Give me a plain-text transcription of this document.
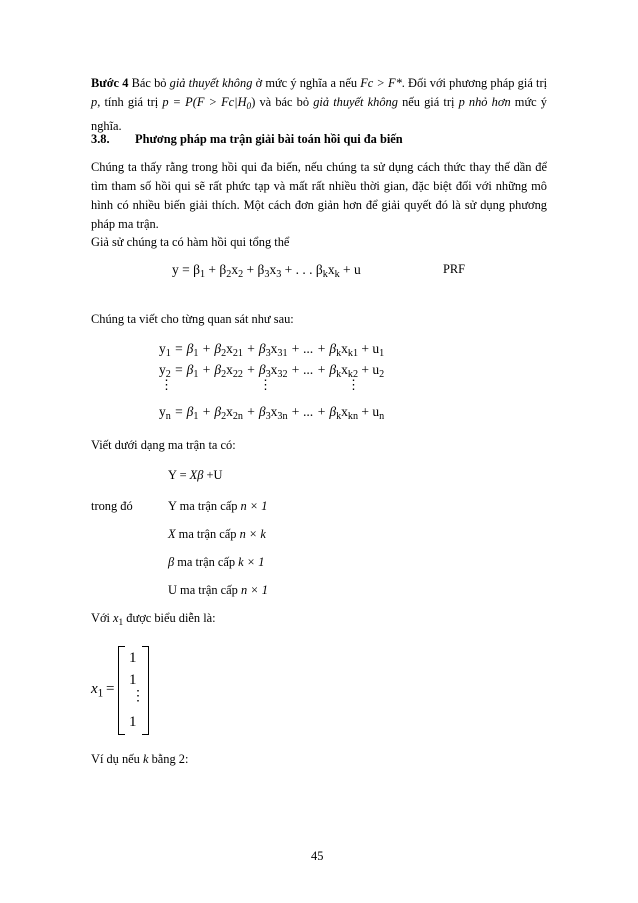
Bước 4 Bác bỏ giả thuyết không ở mức ý nghĩa a nếu Fc > F*. Đối với phương pháp giá trị p, tính giá trị $p = P(F > Fc|H_0)$ và bác bỏ giả thuyết không nếu giá trị p nhỏ hơn mức ý nghĩa.
3.8. Phương pháp ma trận giải bài toán hồi qui đa biến
Chúng ta thấy rằng trong hồi qui đa biến, nếu chúng ta sử dụng cách thức thay thế dần để tìm tham số hồi qui sẽ rất phức tạp và mất rất nhiều thời gian, đặc biệt đối với những mô hình có nhiều biến giải thích. Một cách đơn giản hơn để giải quyết đó là sử dụng phương pháp ma trận.
Giả sử chúng ta có hàm hồi qui tổng thể
$y = \beta_1 + \beta_2x_2 + \beta_3x_3$ + . . . $\beta_kx_k + u$	PRF
Chúng ta viết cho từng quan sát như sau:
$y_1 = \beta_1 + \beta_2x_{21} + \beta_3x_{31}$ + ... + $\beta_kx_{k1} + u_1$
$y_2 = \beta_1 + \beta_2x_{22} + \beta_3x_{32}$ + ... + $\beta_kx_{k2} + u_2$
⋮	⋮	⋮
$y_n = \beta_1 + \beta_2x_{2n} + \beta_3x_{3n}$ + ... + $\beta_kx_{kn} + u_n$
Viết dưới dạng ma trận ta có:
Y = Xβ +U
trong đó	Y ma trận cấp n × 1
X ma trận cấp n × k
β ma trận cấp k × 1
U ma trận cấp n × 1
Với $x_1$ được biểu diễn là:
$x_1$ =
1
1
⋮
1
Ví dụ nếu k bằng 2:
45
